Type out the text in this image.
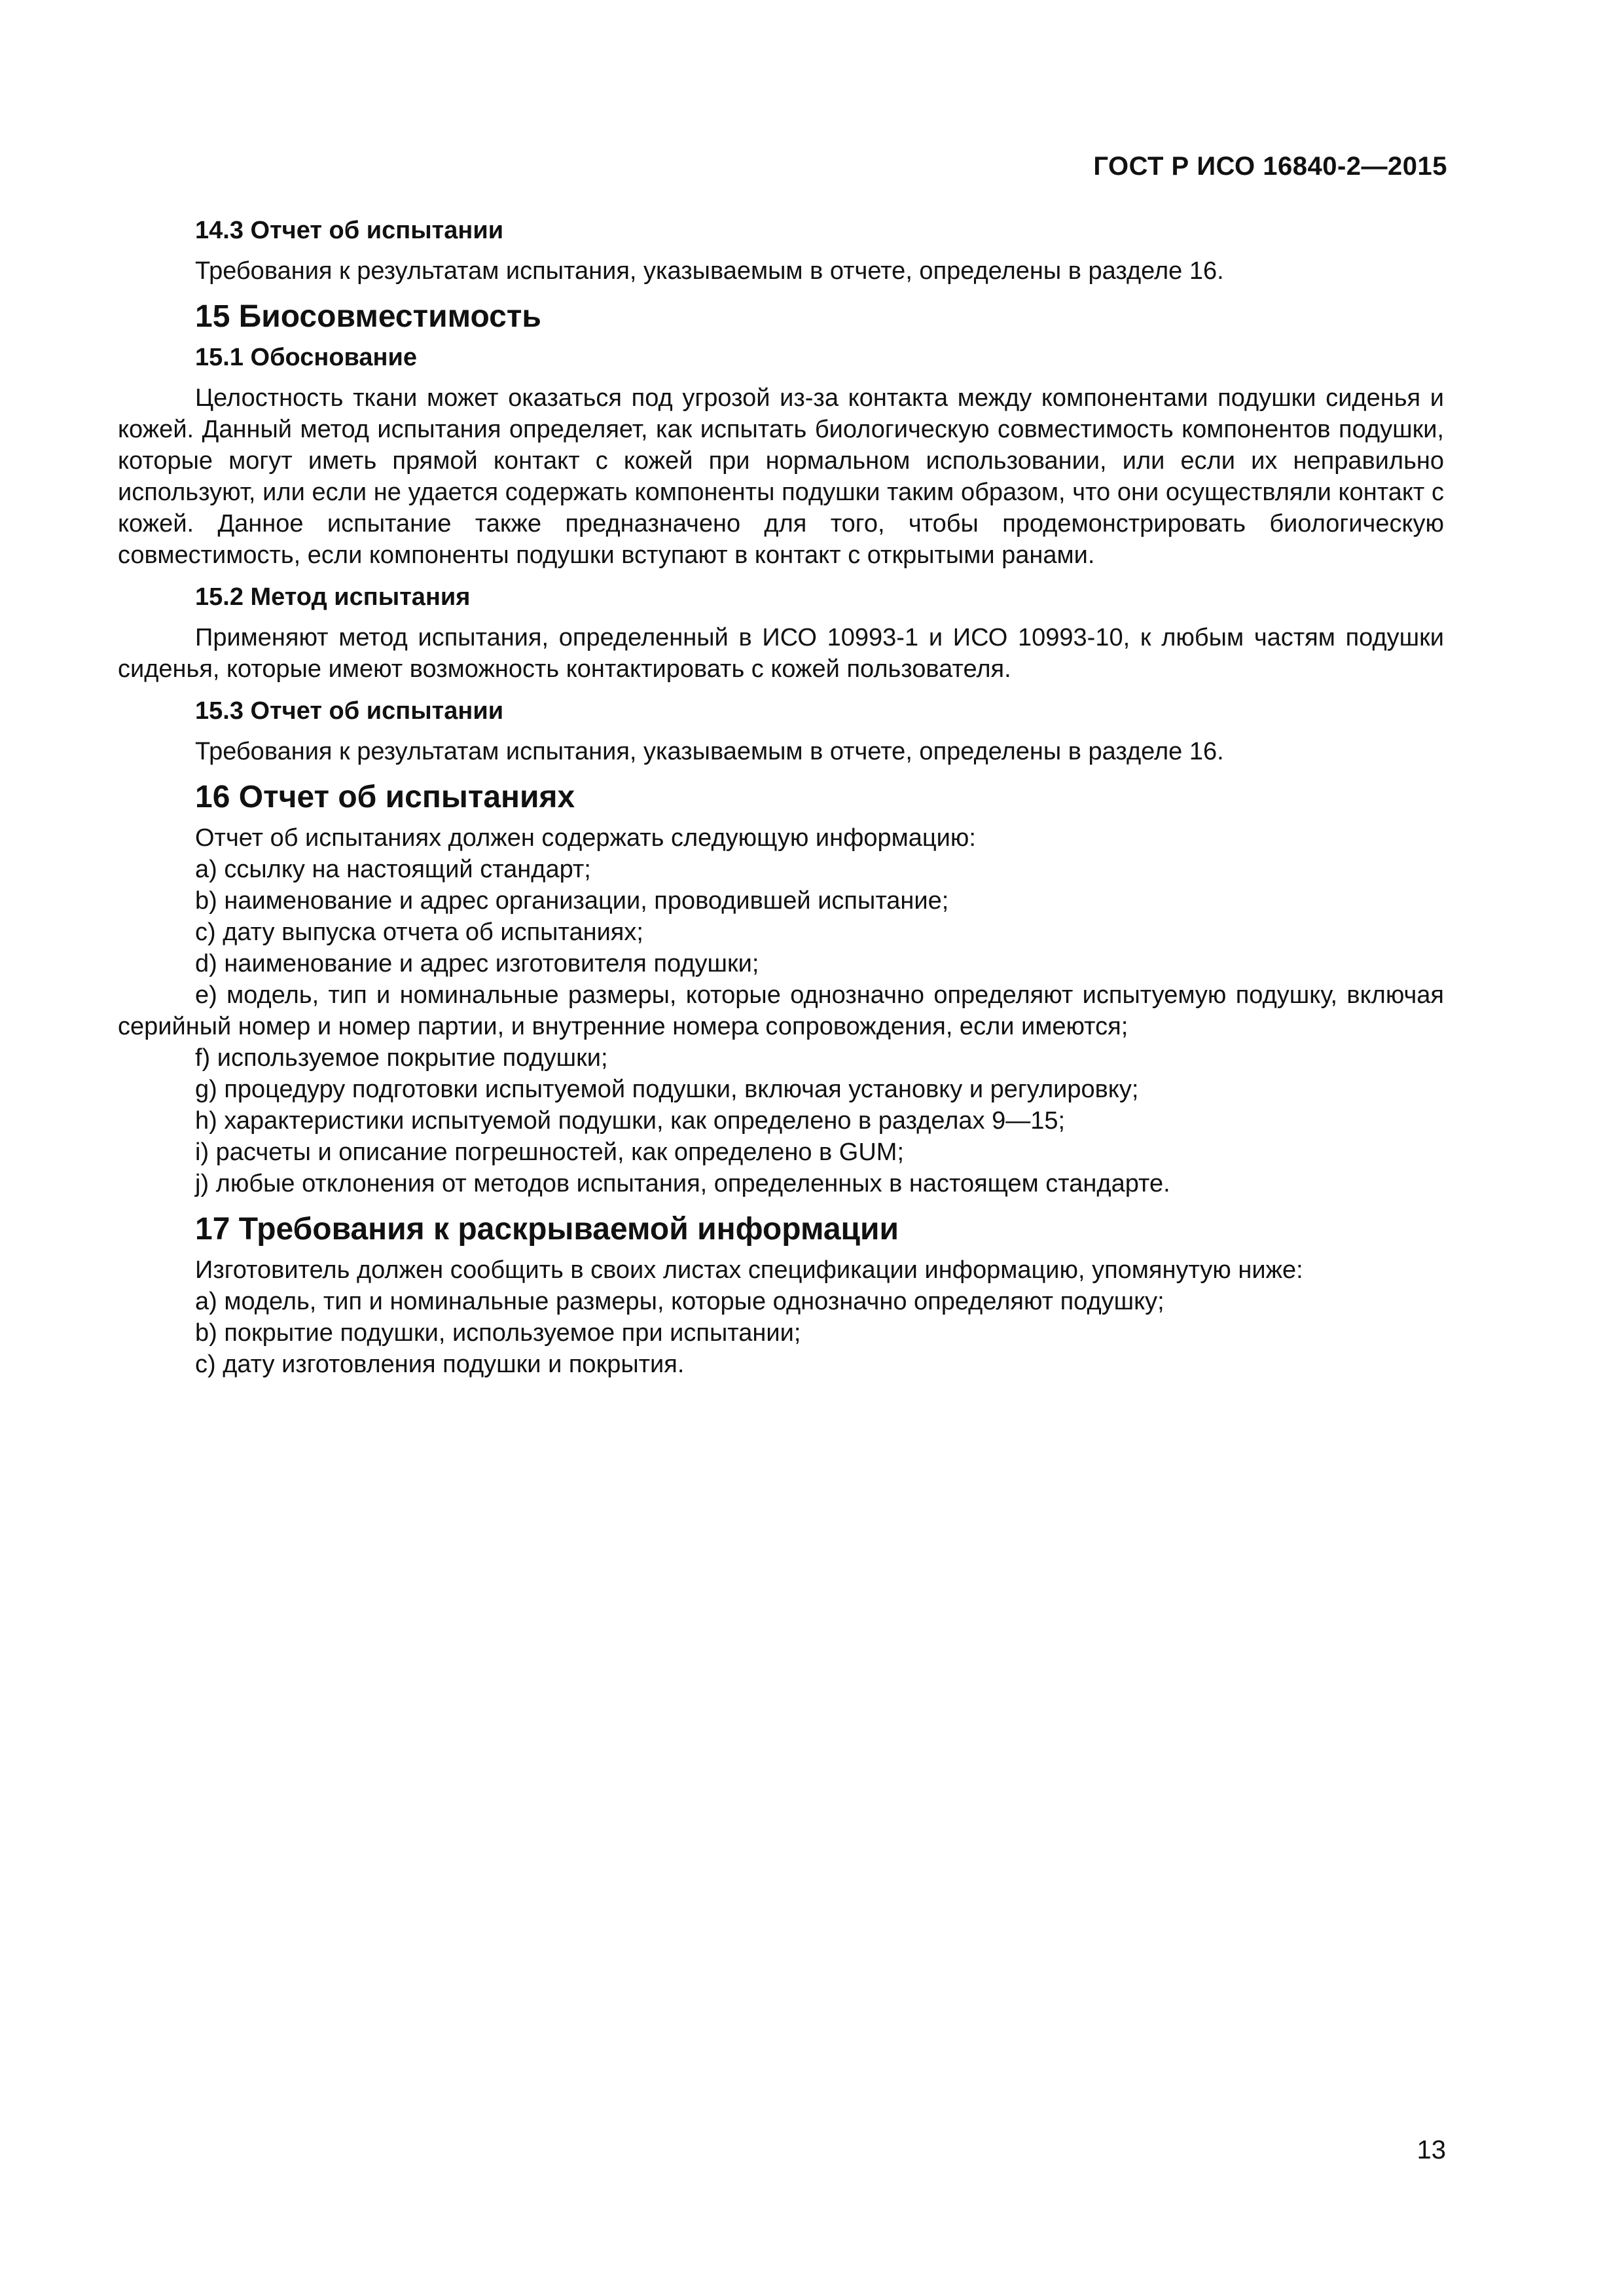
ГОСТ Р ИСО 16840-2—2015

14.3 Отчет об испытании

Требования к результатам испытания, указываемым в отчете, определены в разделе 16.

15 Биосовместимость

15.1 Обоснование

Целостность ткани может оказаться под угрозой из-за контакта между компонентами подушки сиденья и кожей. Данный метод испытания определяет, как испытать биологическую совместимость компонентов подушки, которые могут иметь прямой контакт с кожей при нормальном использовании, или если их неправильно используют, или если не удается содержать компоненты подушки таким образом, что они осуществляли контакт с кожей. Данное испытание также предназначено для того, чтобы продемонстрировать биологическую совместимость, если компоненты подушки вступают в контакт с открытыми ранами.

15.2 Метод испытания

Применяют метод испытания, определенный в ИСО 10993-1 и ИСО 10993-10, к любым частям подушки сиденья, которые имеют возможность контактировать с кожей пользователя.

15.3 Отчет об испытании

Требования к результатам испытания, указываемым в отчете, определены в разделе 16.

16 Отчет об испытаниях

Отчет об испытаниях должен содержать следующую информацию:

a) ссылку на настоящий стандарт;

b) наименование и адрес организации, проводившей испытание;

c) дату выпуска отчета об испытаниях;

d) наименование и адрес изготовителя подушки;

e) модель, тип и номинальные размеры, которые однозначно определяют испытуемую подушку, включая серийный номер и номер партии, и внутренние номера сопровождения, если имеются;

f) используемое покрытие подушки;

g) процедуру подготовки испытуемой подушки, включая установку и регулировку;

h) характеристики испытуемой подушки, как определено в разделах 9—15;

i) расчеты и описание погрешностей, как определено в GUM;

j) любые отклонения от методов испытания, определенных в настоящем стандарте.

17 Требования к раскрываемой информации

Изготовитель должен сообщить в своих листах спецификации информацию, упомянутую ниже:

a) модель, тип и номинальные размеры, которые однозначно определяют подушку;

b) покрытие подушки, используемое при испытании;

c) дату изготовления подушки и покрытия.

13
